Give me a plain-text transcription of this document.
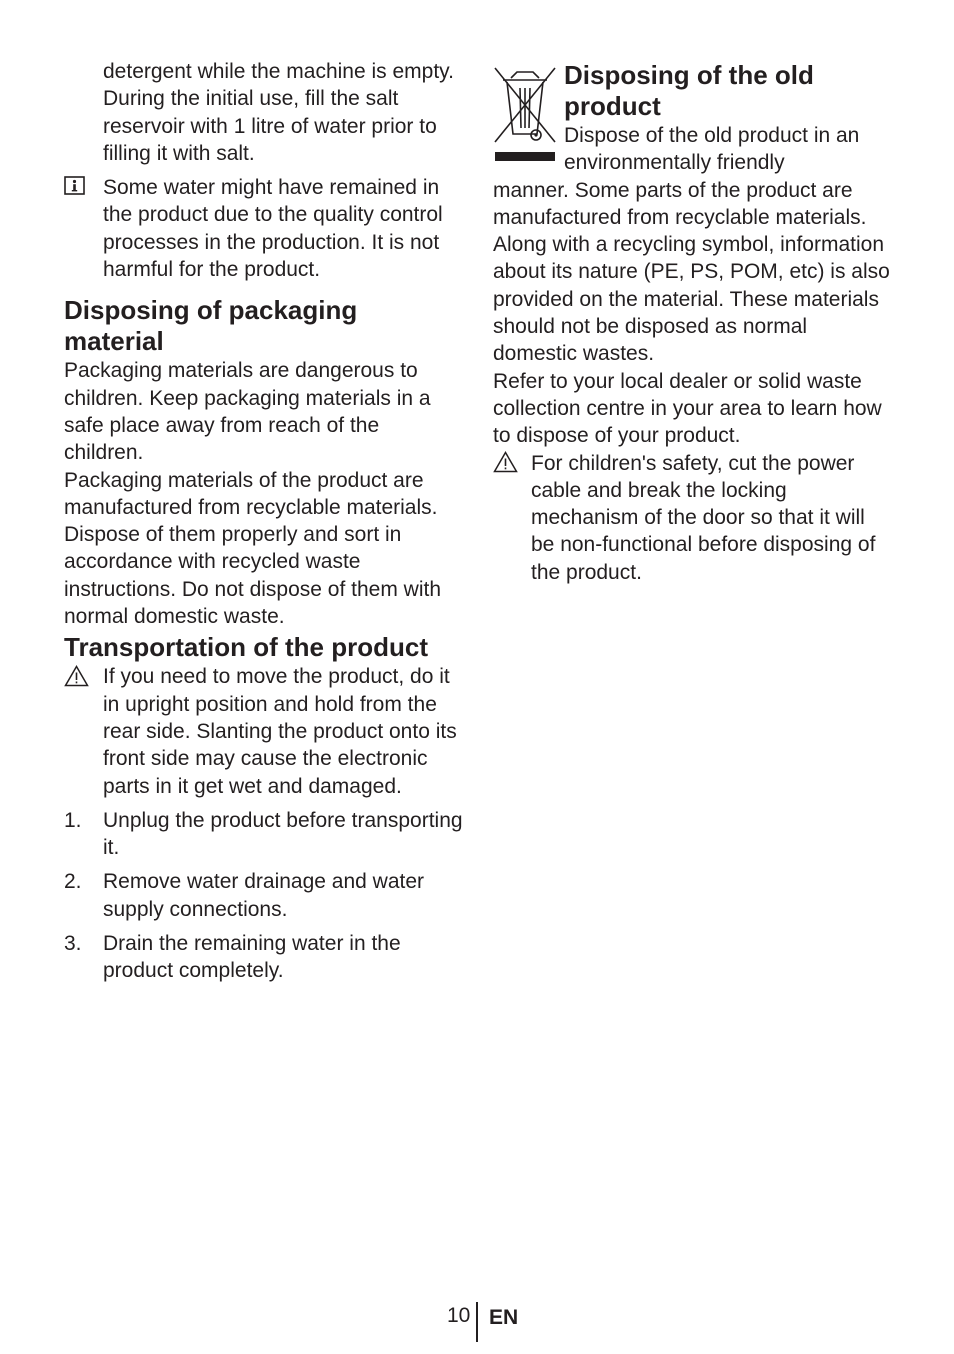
detergent while the machine is empty. During the initial use, fill the salt reservoir with 1 litre of water prior to filling it with salt.

Some water might have remained in the product due to the quality control processes in the production. It is not harmful for the product.

Disposing of packaging material

Packaging materials are dangerous to children. Keep packaging materials in a safe place away from reach of the children.

Packaging materials of the product are manufactured from recyclable materials. Dispose of them properly and sort in accordance with recycled waste instructions. Do not dispose of them with normal domestic waste.

Transportation of the product

If you need to move the product, do it in upright position and hold from the rear side. Slanting the product onto its front side may cause the electronic parts in it get wet and damaged.

1. Unplug the product before transporting it.
2. Remove water drainage and water supply connections.
3. Drain the remaining water in the product completely.
Disposing of the old product

Dispose of the old product in an environmentally friendly

manner. Some parts of the product are manufactured from recyclable materials. Along with a recycling symbol, information about its nature (PE, PS, POM, etc) is also provided on the material. These materials should not be disposed as normal domestic wastes.

Refer to your local dealer or solid waste collection centre in your area to learn how to dispose of your product.

For children's safety, cut the power cable and break the locking mechanism of the door so that it will be non-functional before disposing of the product.

10 EN
